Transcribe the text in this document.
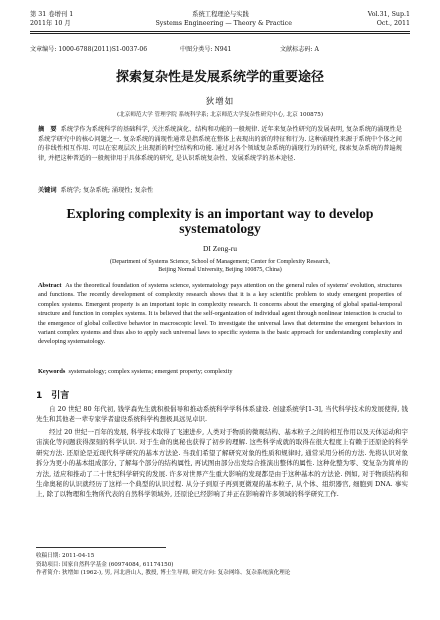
第 31 卷增刊 1	系统工程理论与实践	Vol.31, Sup.1
2011年 10 月	Systems Engineering — Theory & Practice	Oct., 2011
文章编号: 1000-6788(2011)S1-0037-06	中图分类号: N941	文献标志码: A
探索复杂性是发展系统学的重要途径
狄增如
(北京师范大学 管理学院 系统科学系; 北京师范大学复杂性研究中心, 北京 100875)
摘　要 系统学作为系统科学的基础科学, 关注系统演化、结构和功能的一般规律. 近年来复杂性研究的发展表明, 复杂系统的涌现性是系统学研究中的核心问题之一. 复杂系统的涌现性通常是指系统在整体上表现出的新的特征和行为. 这种涌现性来源于系统中个体之间的非线性相互作用. 可以在宏观层次上出现新的时空结构和功能. 通过对各个领域复杂系统的涌现行为的研究, 探索复杂系统的普遍规律, 并把这种普适的一般规律用于具体系统的研究, 是认识系统复杂性、发展系统学的基本途径.
关键词 系统学; 复杂系统; 涌现性; 复杂性
Exploring complexity is an important way to develop
systematology
DI Zeng-ru
(Department of Systems Science, School of Management; Center for Complexity Research,
Beijing Normal University, Beijing 100875, China)
Abstract As the theoretical foundation of systems science, systematology pays attention on the general rules of systems' evolution, structures and functions. The recently development of complexity research shows that it is a key scientific problem to study emergent properties of complex systems. Emergent property is an important topic in complexity research. It concerns about the emerging of global spatial-temporal structure and function in complex systems. It is believed that the self-organization of individual agent through nonlinear interaction is crucial to the emergence of global collective behavior in macroscopic level. To investigate the universal laws that determine the emergent behaviors in variant complex systems and thus also to apply such universal laws to specific systems is the basic approach for understanding complexity and developing systematology.
Keywords systematology; complex systems; emergent property; complexity
1　引言
自 20 世纪 80 年代初, 钱学森先生就积极倡导和推动系统科学学科体系建设. 创建系统学[1-3], 当代科学技术的发展使得, 钱先生和其他老一辈专家学者建设系统科学构想极具远见卓识.
经过 20 世纪一百年的发展, 科学技术取得了飞速进步, 人类对于物质的微观结构、基本粒子之间的相互作用以及天体运动和宇宙演化等问题获得深刻的科学认识. 对于生命的奥秘也获得了初步的理解. 这些科学成就的取得在很大程度上有赖于还原论的科学研究方法. 还原论是近现代科学研究的基本方法论. 当我们希望了解研究对象的性质和规律时, 通常采用分析的方法. 先将认识对象拆分为更小的基本组成部分, 了解每个部分的结构属性, 再试图由部分出发综合推演出整体的属性. 这种化整为零、变复杂为简单的方法, 适应和推动了二十世纪科学研究的发展. 许多对世界产生重大影响的发现都是由于这种基本的方法论. 例如, 对于物质结构和生命奥秘的认识就经历了这样一个典型的认识过程. 从分子到原子再到更微观的基本粒子, 从个体、组织器官, 细胞到 DNA. 事实上, 除了以物理和生物所代表的自然科学领域外, 还原论已经影响了并正在影响着许多领域的科学研究工作.
收稿日期: 2011-04-15
资助项目: 国家自然科学基金 (60974084, 61174150)
作者简介: 狄增如 (1962-), 男, 河北唐山人, 教授, 博士生导师, 研究方向: 复杂网络、复杂系统演化理论
